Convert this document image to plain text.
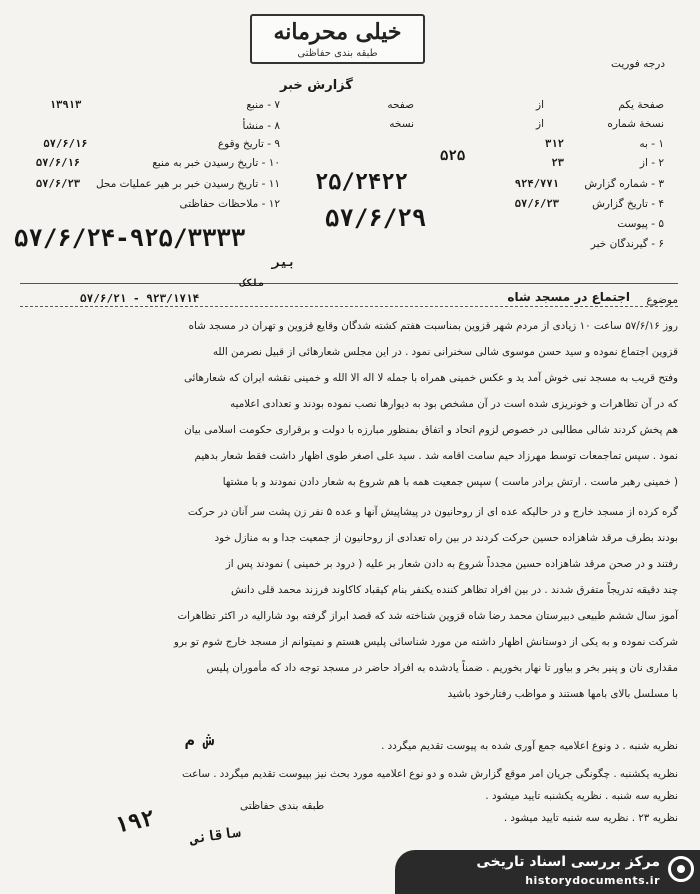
خیلی محرمانه
طبقه بندی حفاظتی
درجه فوریت
گزارش خبر
۷ - منبع
۱۳۹۱۳
۸ - منشأ
۹ - تاریخ وقوع
۵۷/۶/۱۶
۱۰ - تاریخ رسیدن خبر به منبع
۵۷/۶/۱۶
۱۱ - تاریخ رسیدن خبر بر هیر عملیات محل
۵۷/۶/۲۳
۱۲ - ملاحظات حفاظتی
صفحة يكم
از
صفحه
نسخة شماره
از
نسخه
۱ - به
۳۱۲
۲ - از
۲۳
۳ - شماره گزارش
۹۲۴/۷۷۱
۴ - تاریخ گزارش
۵۷/۶/۲۳
۵ - پیوست
۶ - گیرندگان خبر
۲۵/۲۴۲۲
۵۷/۶/۲۹
۵۷/۶/۲۴-۹۲۵/۳۳۳۳
بیر
۵۲۵
ش م
۱۹۲ ساقانی
موضوع
اجتماع در مسجد شاه
۵۷/۶/۲۱ - ۹۲۳/۱۷۱۴
ملکک
روز ۵۷/۶/۱۶ ساعت ۱۰ زیادی از مردم شهر قزوین بمناسبت هفتم کشته شدگان وقایع قزوین و تهران در مسجد شاه
قزوین اجتماع نموده و سید حسن موسوی شالی سخنرانی نمود . در این مجلس شعارهائی از قبیل نصرمن الله
وفتح قریب به مسجد نبی خوش آمد ید و عکس خمینی همراه با جمله لا اله الا الله و خمینی نقشه ایران که شعارهائی
که در آن تظاهرات و خونریزی شده است در آن مشخص بود به دیوارها نصب نموده بودند و تعدادی اعلامیه
هم پخش کردند شالی مطالبی در خصوص لزوم اتحاد و اتفاق بمنظور مبارزه با دولت و برقراری حکومت اسلامی بیان
نمود . سپس تماجمعات توسط مهرزاد حیم سامت اقامه شد . سید علی اصغر طوی اظهار داشت فقط شعار بدهیم
( خمینی رهبر ماست . ارتش برادر ماست ) سپس جمعیت همه با هم شروع به شعار دادن نمودند و با مشتها
گره کرده از مسجد خارج و در حالیکه عده ای از روحانیون در پیشاپیش آنها و عده ۵ نفر زن پشت سر آنان در حرکت
بودند بطرف مرقد شاهزاده حسین حرکت کردند در بین راه تعدادی از روحانیون از جمعیت جدا و به منازل خود
رفتند و در صحن مرقد شاهزاده حسین مجدداً شروع به دادن شعار بر علیه ( درود بر خمینی ) نمودند پس از
چند دقیقه تدریجاً متفرق شدند . در بین افراد تظاهر کننده یکنفر بنام کیقباد کاکاوند فرزند محمد قلی دانش
آموز سال ششم طبیعی دبیرستان محمد رضا شاه قزوین شناخته شد که قصد ابراز گرفته بود شارالیه در اکثر تظاهرات
شرکت نموده و به یکی از دوستانش اظهار داشته من مورد شناسائی پلیس هستم و نمیتوانم از مسجد خارج شوم تو برو
مقداری نان و پنیر بخر و بیاور تا نهار بخوریم . ضمناً یادشده به افراد حاضر در مسجد توجه داد که مأموران پلیس
با مسلسل بالای بامها هستند و مواظب رفتارخود باشید
نظریه شنبه . د ونوع اعلامیه جمع آوری شده به پیوست تقدیم میگردد .
نظریه یکشنبه . چگونگی جریان امر موقع گزارش شده و دو نوع اعلامیه مورد بحث نیز بپیوست تقدیم میگردد . ساعت
نظریه سه شنبه . نظریه یکشنبه تایید میشود .
نظریه ۲۳ . نظریه سه شنبه تایید میشود .
طبقه بندی حفاظتی
مرکز بررسی اسناد تاریخی
historydocuments.ir
